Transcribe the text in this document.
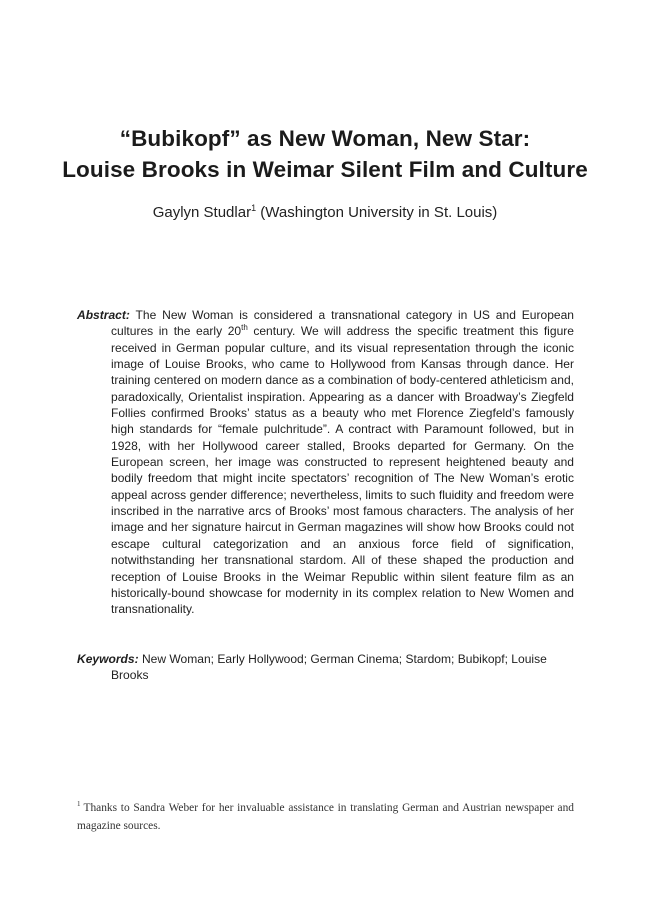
“Bubikopf” as New Woman, New Star:
Louise Brooks in Weimar Silent Film and Culture
Gaylyn Studlar$^1$ (Washington University in St. Louis)

Abstract: The New Woman is considered a transnational category in US and European cultures in the early 20th century. We will address the specific treatment this figure received in German popular culture, and its visual representation through the iconic image of Louise Brooks, who came to Hollywood from Kansas through dance. Her training centered on modern dance as a combination of body-centered athleticism and, paradoxically, Orientalist inspiration. Appearing as a dancer with Broadway’s Ziegfeld Follies confirmed Brooks’ status as a beauty who met Florence Ziegfeld’s famously high standards for “female pulchritude”. A contract with Paramount followed, but in 1928, with her Hollywood career stalled, Brooks departed for Germany. On the European screen, her image was constructed to represent heightened beauty and bodily freedom that might incite spectators’ recognition of The New Woman’s erotic appeal across gender difference; nevertheless, limits to such fluidity and freedom were inscribed in the narrative arcs of Brooks’ most famous characters. The analysis of her image and her signature haircut in German magazines will show how Brooks could not escape cultural categorization and an anxious force field of signification, notwithstanding her transnational stardom. All of these shaped the production and reception of Louise Brooks in the Weimar Republic within silent feature film as an historically-bound showcase for modernity in its complex relation to New Women and transnationality.

Keywords: New Woman; Early Hollywood; German Cinema; Stardom; Bubikopf; Louise Brooks

$^1$ Thanks to Sandra Weber for her invaluable assistance in translating German and Austrian newspaper and magazine sources.
